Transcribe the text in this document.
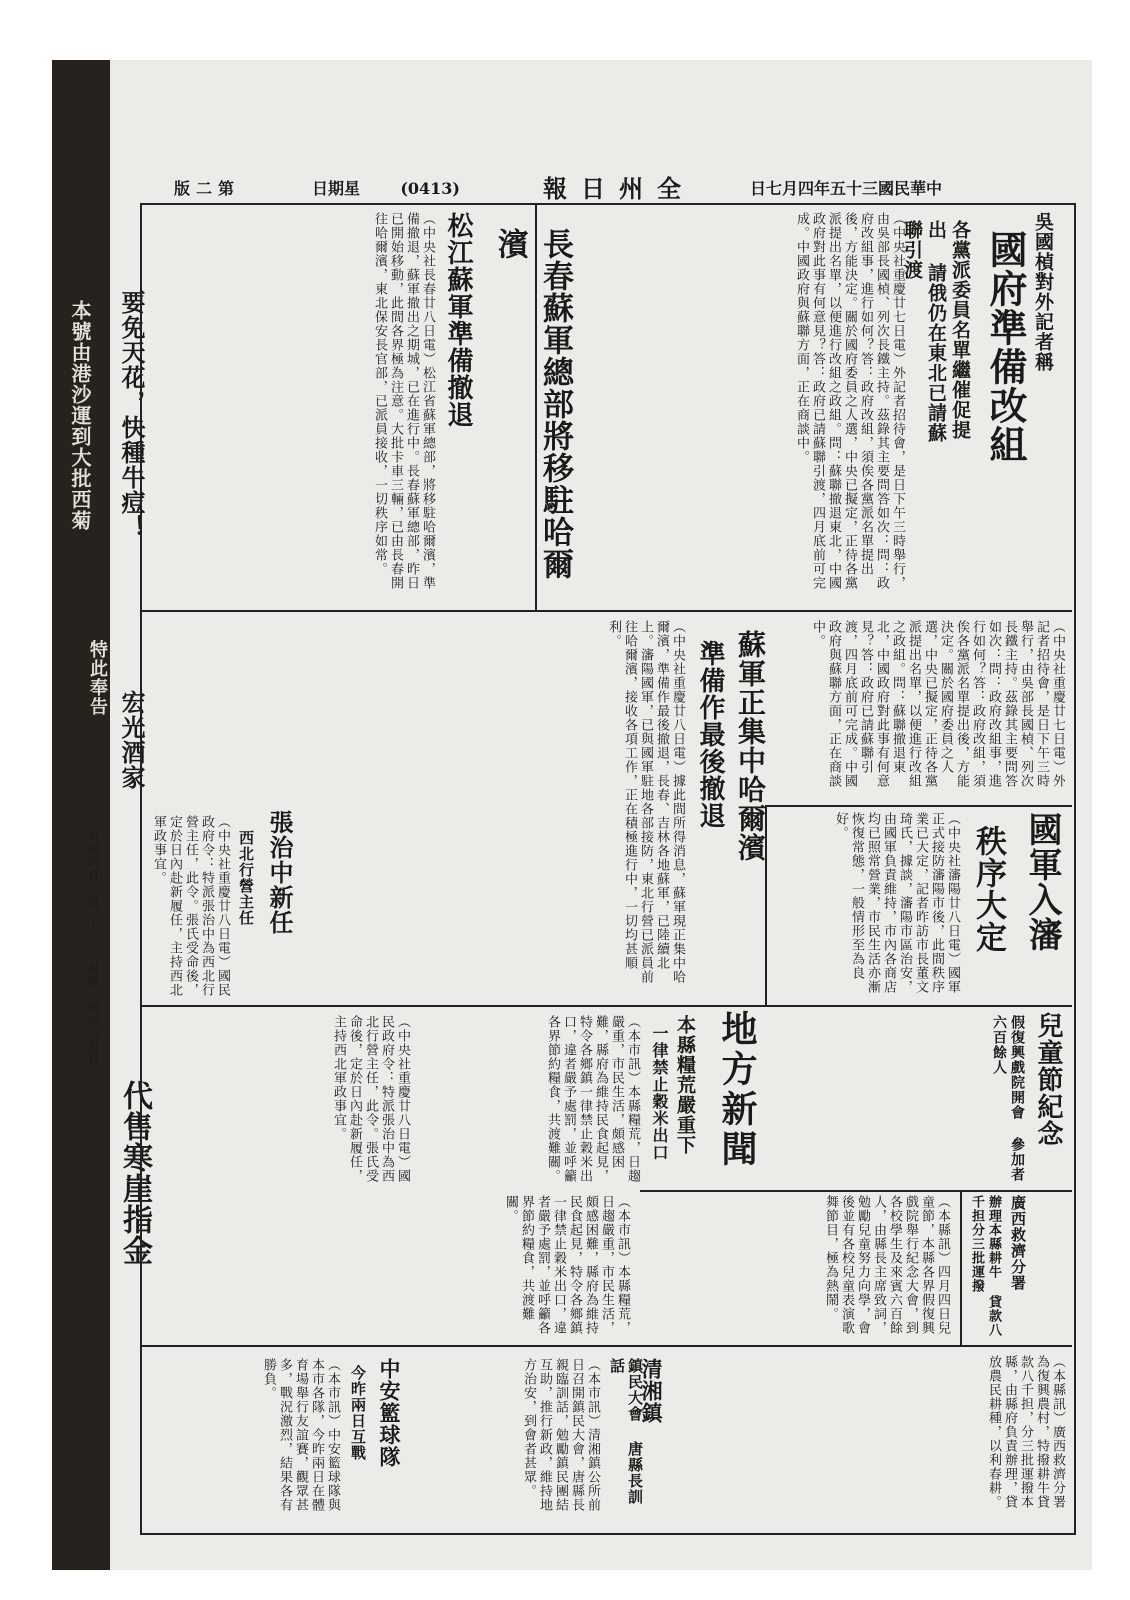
本號由港沙運到大批西菊
特此奉告
要免天花，快種牛痘！
宏光酒家
每函四頁定價二十元 每購一函作八折算
代售寒崖指金
中華民國三十五年四月七日
全州日報
(3140)
星期日
第二版
吳國楨對外記者稱
國府準備改組
各黨派委員名單繼催促提出 請俄仍在東北已請蘇聯引渡
（中央社重慶廿七日電）外記者招待會，是日下午三時舉行，由吳部長國楨、列次長鐵主持。茲錄其主要問答如次：問：政府改組事，進行如何？答：政府改組，須俟各黨派名單提出後，方能決定。關於國府委員之人選，中央已擬定，正待各黨派提出名單，以便進行改組之政組。問：蘇聯撤退東北，中國政府對此事有何意見？答：政府已請蘇聯引渡，四月底前可完成。中國政府與蘇聯方面，正在商談中。
長春蘇軍總部將移駐哈爾濱
松江蘇軍準備撤退
（中央社長春廿八日電）松江省蘇軍總部，將移駐哈爾濱，準備撤退，蘇軍撤出之期城，已在進行中。長春蘇軍總部，昨日已開始移動，此間各界極為注意。大批卡車三輛，已由長春開往哈爾濱，東北保安長官部，已派員接收，一切秩序如常。
蘇軍正集中哈爾濱
準備作最後撤退
（中央社重慶廿八日電）據此間所得消息，蘇軍現正集中哈爾濱，準備作最後撤退，長春、吉林各地蘇軍，已陸續北上。瀋陽國軍，已與國軍駐地各部接防，東北行營已派員前往哈爾濱，接收各項工作，正在積極進行中，一切均甚順利。	（中央社重慶廿七日電）外記者招待會，是日下午三時舉行，由吳部長國楨、列次長鐵主持。茲錄其主要問答如次：問：政府改組事，進行如何？答：政府改組，須俟各黨派名單提出後，方能決定。關於國府委員之人選，中央已擬定，正待各黨派提出名單，以便進行改組之政組。問：蘇聯撤退東北，中國政府對此事有何意見？答：政府已請蘇聯引渡，四月底前可完成。中國政府與蘇聯方面，正在商談中。
國軍入瀋
秩序大定
（中央社瀋陽廿八日電）國軍正式接防瀋陽市後，此間秩序業已大定，記者昨訪市長董文琦氏，據談，瀋陽市區治安，由國軍負責維持，市內各商店均已照常營業，市民生活亦漸恢復常態，一般情形至為良好。
張治中新任
西北行營主任
（中央社重慶廿八日電）國民政府令：特派張治中為西北行營主任，此令。張氏受命後，定於日內赴新履任，主持西北軍政事宜。
地方新聞
本縣糧荒嚴重下
一律禁止穀米出口
（本市訊）本縣糧荒，日趨嚴重，市民生活，頗感困難，縣府為維持民食起見，特令各鄉鎮一律禁止穀米出口，違者嚴予處罰，並呼籲各界節約糧食，共渡難關。	兒童節紀念
假復興戲院開會 參加者六百餘人
（本縣訊）四月四日兒童節，本縣各界假復興戲院舉行紀念大會，到各校學生及來賓六百餘人，由縣長主席致詞，勉勵兒童努力向學，會後並有各校兒童表演歌舞節目，極為熱鬧。
（本市訊）本縣糧荒，日趨嚴重，市民生活，頗感困難，縣府為維持民食起見，特令各鄉鎮一律禁止穀米出口，違者嚴予處罰，並呼籲各界節約糧食，共渡難關。
（中央社重慶廿八日電）國民政府令：特派張治中為西北行營主任，此令。張氏受命後，定於日內赴新履任，主持西北軍政事宜。
廣西救濟分署
辦理本縣耕牛 貸款八千担分三批運撥
（本縣訊）廣西救濟分署為復興農村，特撥耕牛貸款八千担，分三批運撥本縣，由縣府負責辦理，貸放農民耕種，以利春耕。
清湘鎮
鎮民大會 唐縣長訓話
（本市訊）清湘鎮公所前日召開鎮民大會，唐縣長親臨訓話，勉勵鎮民團結互助，推行新政，維持地方治安，到會者甚眾。
中安籃球隊
今昨兩日互戰
（本市訊）中安籃球隊與本市各隊，今昨兩日在體育場舉行友誼賽，觀眾甚多，戰況激烈，結果各有勝負。
